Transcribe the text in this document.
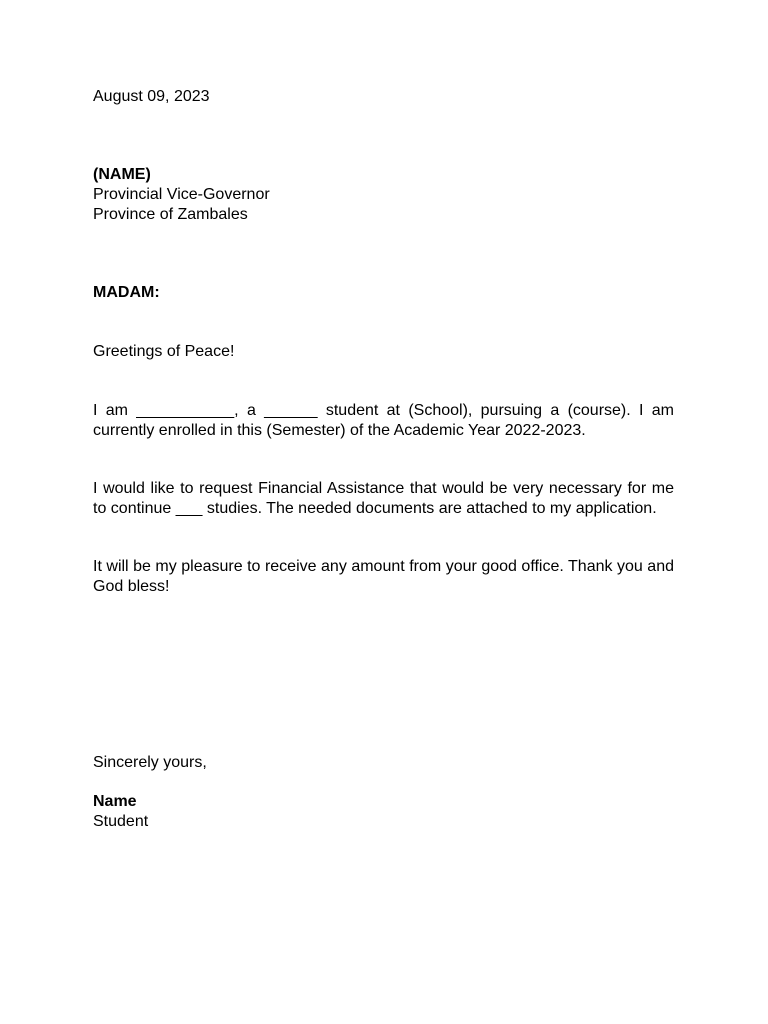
August 09, 2023
(NAME)
Provincial Vice-Governor
Province of Zambales
MADAM:
Greetings of Peace!
I am ___________, a ______ student at (School), pursuing a (course). I am currently enrolled in this (Semester) of the Academic Year 2022-2023.
I would like to request Financial Assistance that would be very necessary for me to continue ___ studies. The needed documents are attached to my application.
It will be my pleasure to receive any amount from your good office. Thank you and God bless!
Sincerely yours,
Name
Student
